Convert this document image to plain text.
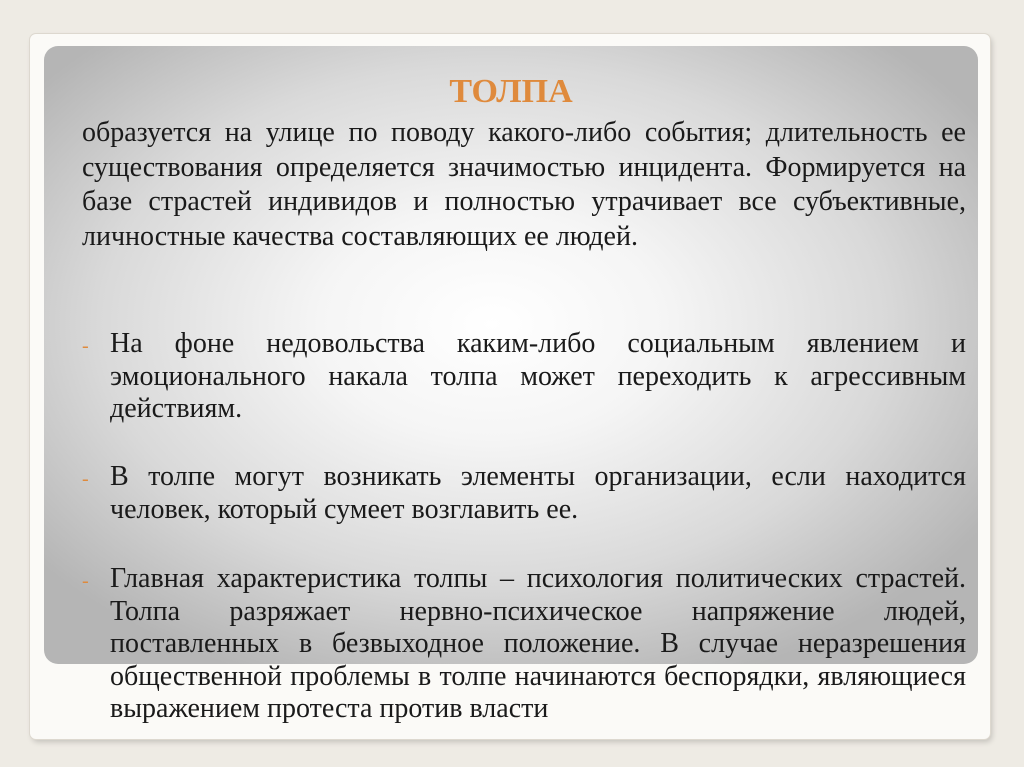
ТОЛПА

образуется на улице по поводу какого-либо события; длительность ее существования определяется значимостью инцидента. Формируется на базе страстей индивидов и полностью утрачивает все субъективные, личностные качества составляющих ее людей.

- На фоне недовольства каким-либо социальным явлением и эмоционального накала толпа может переходить к агрессивным действиям.

- В толпе могут возникать элементы организации, если находится человек, который сумеет возглавить ее.

- Главная характеристика толпы – психология политических страстей. Толпа разряжает нервно-психическое напряжение людей, поставленных в безвыходное положение. В случае неразрешения общественной проблемы в толпе начинаются беспорядки, являющиеся выражением протеста против власти
